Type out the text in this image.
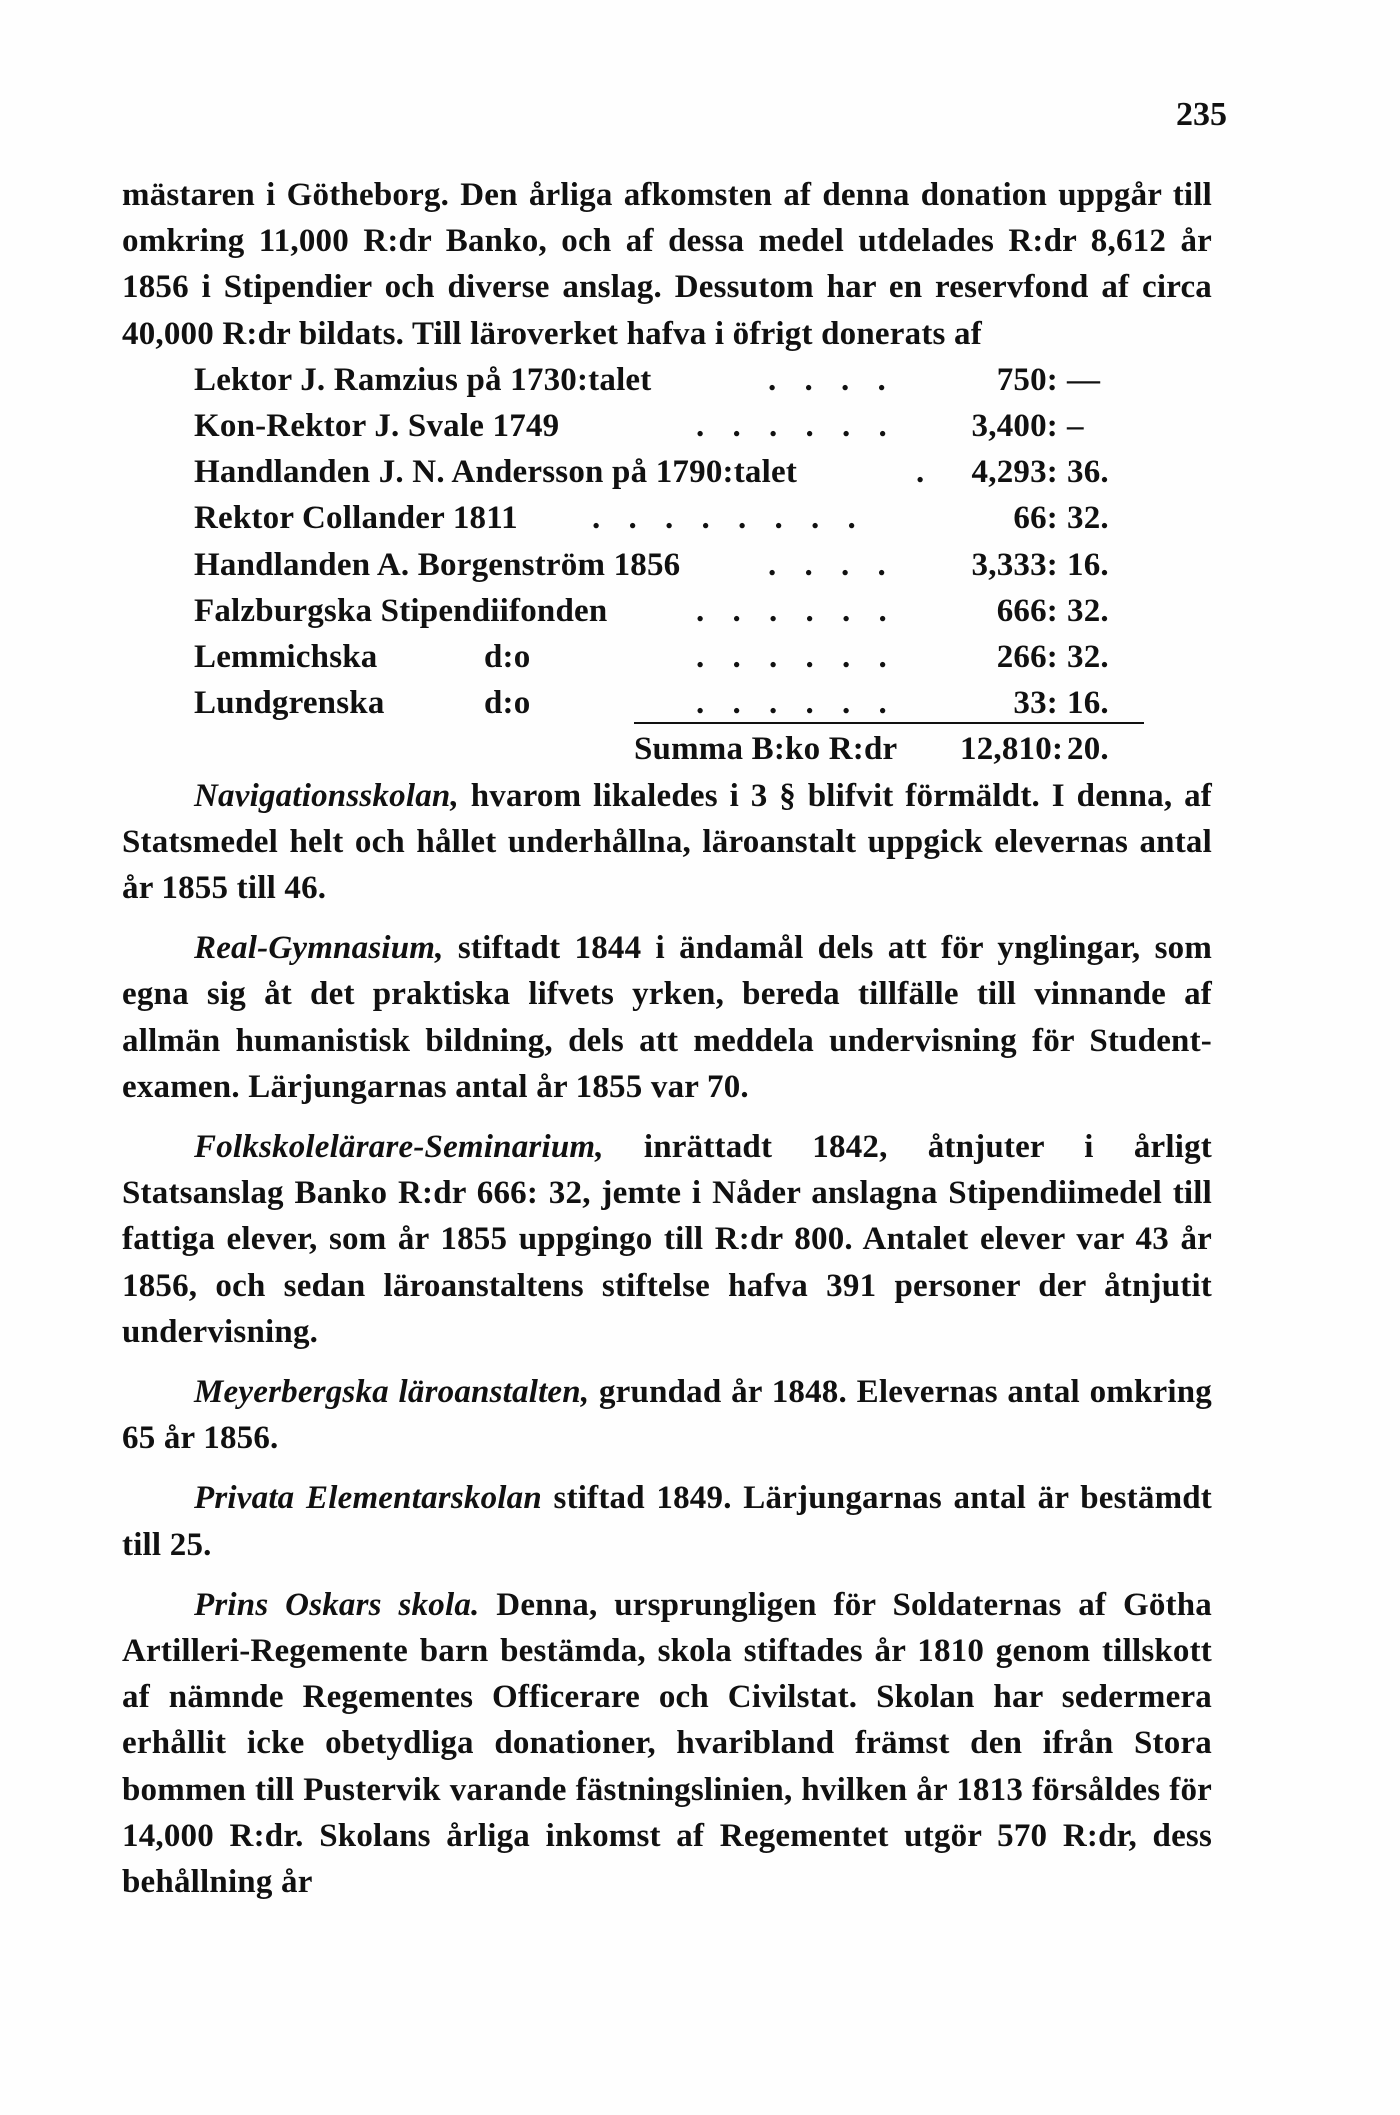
235

mästaren i Götheborg. Den årliga afkomsten af denna donation uppgår till omkring 11,000 R:dr Banko, och af dessa medel utdelades R:dr 8,612 år 1856 i Stipendier och diverse anslag. Dessutom har en reservfond af circa 40,000 R:dr bildats. Till läroverket hafva i öfrigt donerats af

Lektor J. Ramzius på 1730:talet	. . . .	750: —
Kon-Rektor J. Svale 1749	. . . . . .	3,400: –
Handlanden J. N. Andersson på 1790:talet	.	4,293: 36.
Rektor Collander 1811 . . . . . . . .	66: 32.
Handlanden A. Borgenström 1856	. . . .	3,333: 16.
Falzburgska Stipendiifonden	. . . . . .	666: 32.
Lemmichska	d:o	. . . . . .	266: 32.
Lundgrenska	d:o	. . . . . .	33: 16.
Summa B:ko R:dr 12,810: 20.

Navigationsskolan, hvarom likaledes i 3 § blifvit förmäldt. I denna, af Statsmedel helt och hållet underhållna, läroanstalt uppgick elevernas antal år 1855 till 46.

Real-Gymnasium, stiftadt 1844 i ändamål dels att för ynglingar, som egna sig åt det praktiska lifvets yrken, bereda tillfälle till vinnande af allmän humanistisk bildning, dels att meddela undervisning för Student-examen. Lärjungarnas antal år 1855 var 70.

Folkskolelärare-Seminarium, inrättadt 1842, åtnjuter i årligt Statsanslag Banko R:dr 666: 32, jemte i Nåder anslagna Stipendiimedel till fattiga elever, som år 1855 uppgingo till R:dr 800. Antalet elever var 43 år 1856, och sedan läroanstaltens stiftelse hafva 391 personer der åtnjutit undervisning.

Meyerbergska läroanstalten, grundad år 1848. Elevernas antal omkring 65 år 1856.

Privata Elementarskolan stiftad 1849. Lärjungarnas antal är bestämdt till 25.

Prins Oskars skola. Denna, ursprungligen för Soldaternas af Götha Artilleri-Regemente barn bestämda, skola stiftades år 1810 genom tillskott af nämnde Regementes Officerare och Civilstat. Skolan har sedermera erhållit icke obetydliga donationer, hvaribland främst den ifrån Stora bommen till Pustervik varande fästningslinien, hvilken år 1813 försåldes för 14,000 R:dr. Skolans årliga inkomst af Regementet utgör 570 R:dr, dess behållning år
